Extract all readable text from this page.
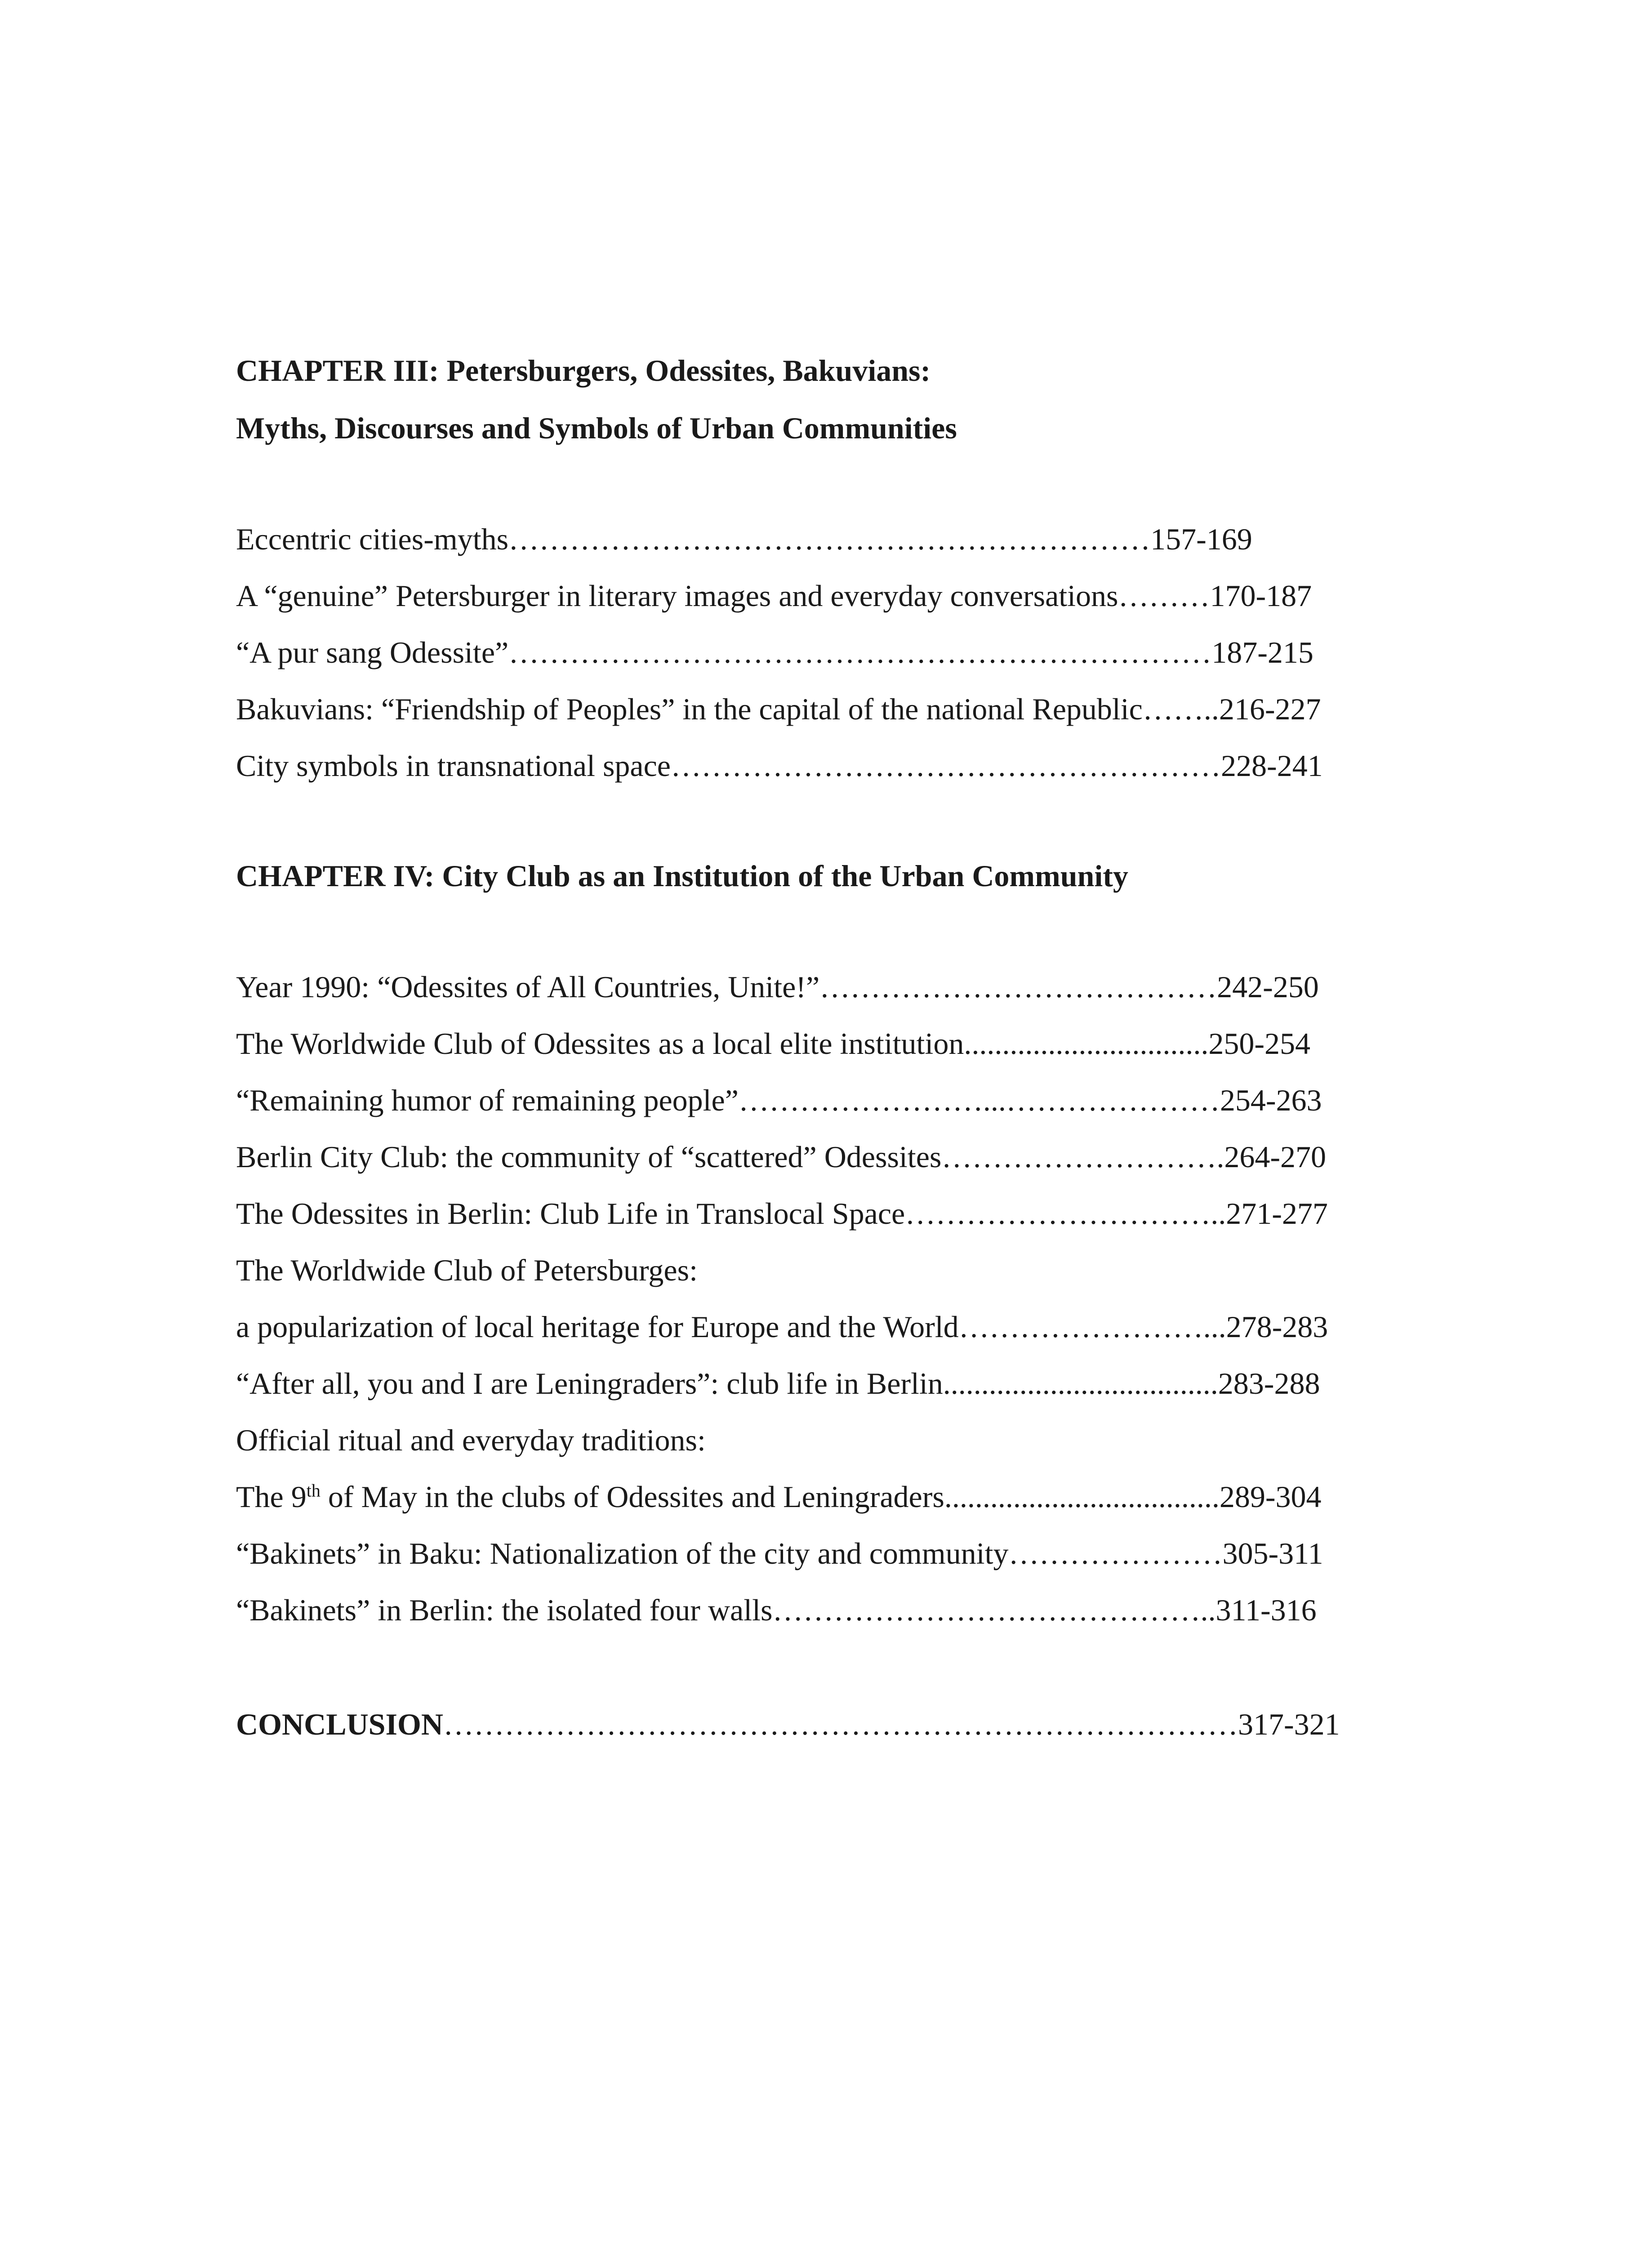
CHAPTER III: Petersburgers, Odessites, Bakuvians:
Myths, Discourses and Symbols of Urban Communities
Eccentric cities-myths………………………………………………………157-169
A “genuine” Petersburger in literary images and everyday conversations………170-187
“A pur sang Odessite”……………………………………………………………187-215
Bakuvians: “Friendship of Peoples” in the capital of the national Republic……..216-227
City symbols in transnational space………………………………………………228-241
CHAPTER IV: City Club as an Institution of the Urban Community
Year 1990: “Odessites of All Countries, Unite!”…………………………………242-250
The Worldwide Club of Odessites as a local elite institution................................250-254
“Remaining humor of remaining people”……………………...…………………254-263
Berlin City Club: the community of “scattered” Odessites……………………….264-270
The Odessites in Berlin: Club Life in Translocal Space…………………………..271-277
The Worldwide Club of Petersburges:
a popularization of local heritage for Europe and the World……………………...278-283
“After all, you and I are Leningraders”: club life in Berlin....................................283-288
Official ritual and everyday traditions:
The 9th of May in the clubs of Odessites and Leningraders....................................289-304
“Bakinets” in Baku: Nationalization of the city and community…………………305-311
“Bakinets” in Berlin: the isolated four walls……………………………………..311-316
CONCLUSION……………………………………………………………………317-321
